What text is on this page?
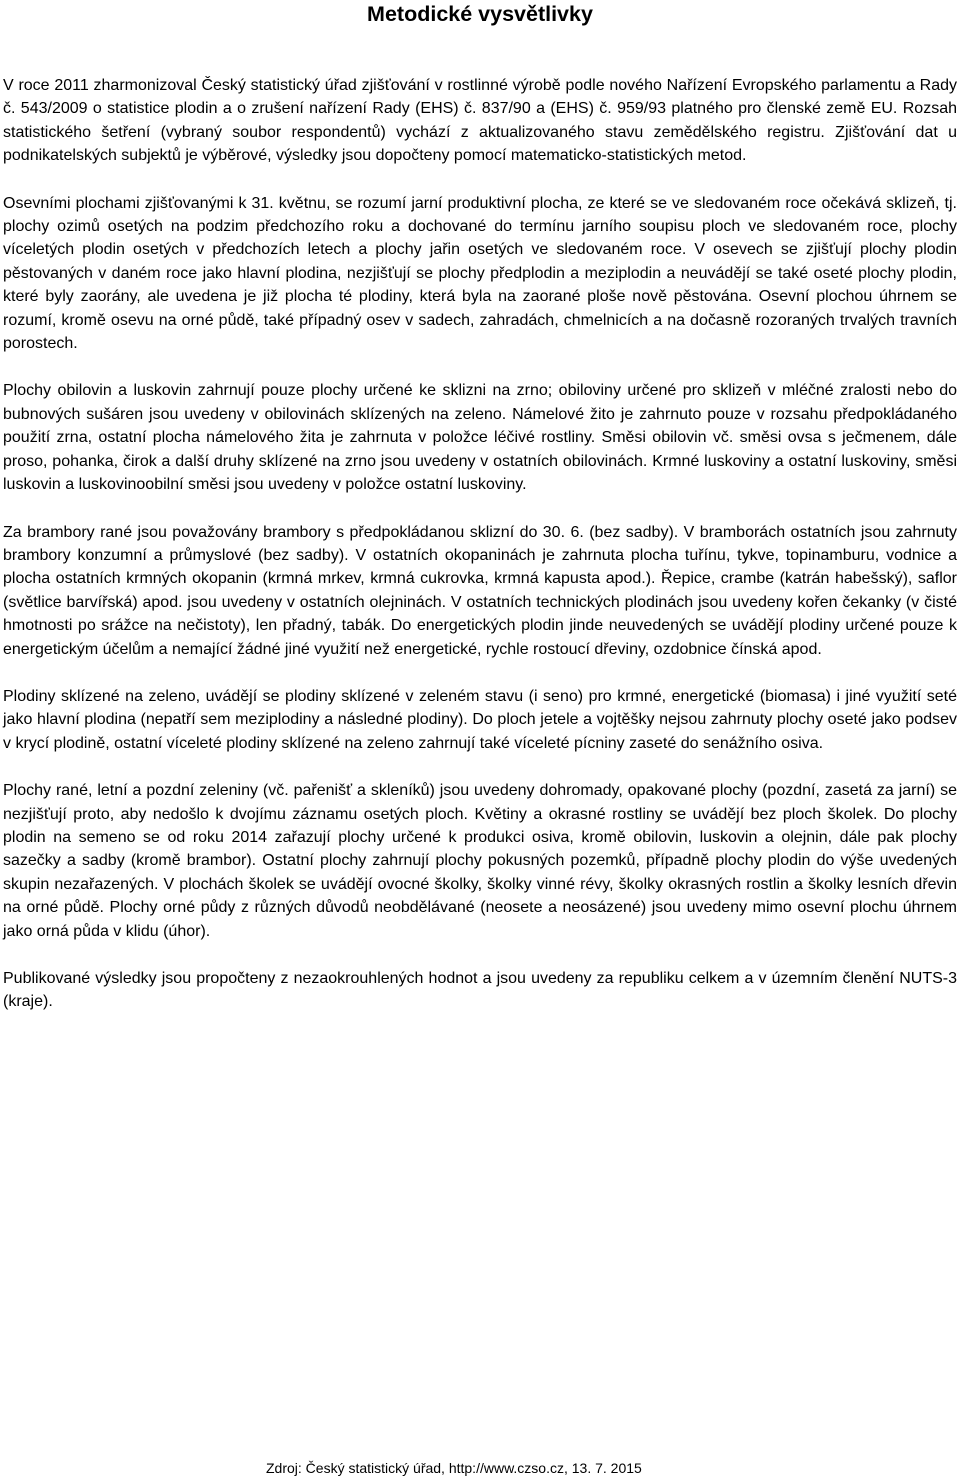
Metodické vysvětlivky

V roce 2011 zharmonizoval Český statistický úřad zjišťování v rostlinné výrobě podle nového Nařízení Evropského parlamentu a Rady č. 543/2009 o statistice plodin a o zrušení nařízení Rady (EHS) č. 837/90 a (EHS) č. 959/93 platného pro členské země EU. Rozsah statistického šetření (vybraný soubor respondentů) vychází z aktualizovaného stavu zemědělského registru. Zjišťování dat u podnikatelských subjektů je výběrové, výsledky jsou dopočteny pomocí matematicko-statistických metod.

Osevními plochami zjišťovanými k 31. květnu, se rozumí jarní produktivní plocha, ze které se ve sledovaném roce očekává sklizeň, tj. plochy ozimů osetých na podzim předchozího roku a dochované do termínu jarního soupisu ploch ve sledovaném roce, plochy víceletých plodin osetých v předchozích letech a plochy jařin osetých ve sledovaném roce. V osevech se zjišťují plochy plodin pěstovaných v daném roce jako hlavní plodina, nezjišťují se plochy předplodin a meziplodin a neuvádějí se také oseté plochy plodin, které byly zaorány, ale uvedena je již plocha té plodiny, která byla na zaorané ploše nově pěstována. Osevní plochou úhrnem se rozumí, kromě osevu na orné půdě, také případný osev v sadech, zahradách, chmelnicích a na dočasně rozoraných trvalých travních porostech.

Plochy obilovin a luskovin zahrnují pouze plochy určené ke sklizni na zrno; obiloviny určené pro sklizeň v mléčné zralosti nebo do bubnových sušáren jsou uvedeny v obilovinách sklízených na zeleno. Námelové žito je zahrnuto pouze v rozsahu předpokládaného použití zrna, ostatní plocha námelového žita je zahrnuta v položce léčivé rostliny. Směsi obilovin vč. směsi ovsa s ječmenem, dále proso, pohanka, čirok a další druhy sklízené na zrno jsou uvedeny v ostatních obilovinách. Krmné luskoviny a ostatní luskoviny, směsi luskovin a luskovinoobilní směsi jsou uvedeny v položce ostatní luskoviny.

Za brambory rané jsou považovány brambory s předpokládanou sklizní do 30. 6. (bez sadby). V bramborách ostatních jsou zahrnuty brambory konzumní a průmyslové (bez sadby). V ostatních okopaninách je zahrnuta plocha tuřínu, tykve, topinamburu, vodnice a plocha ostatních krmných okopanin (krmná mrkev, krmná cukrovka, krmná kapusta apod.). Řepice, crambe (katrán habešský), saflor (světlice barvířská) apod. jsou uvedeny v ostatních olejninách. V ostatních technických plodinách jsou uvedeny kořen čekanky (v čisté hmotnosti po srážce na nečistoty), len přadný, tabák. Do energetických plodin jinde neuvedených se uvádějí plodiny určené pouze k energetickým účelům a nemající žádné jiné využití než energetické, rychle rostoucí dřeviny, ozdobnice čínská apod.

Plodiny sklízené na zeleno, uvádějí se plodiny sklízené v zeleném stavu (i seno) pro krmné, energetické (biomasa) i jiné využití seté jako hlavní plodina (nepatří sem meziplodiny a následné plodiny). Do ploch jetele a vojtěšky nejsou zahrnuty plochy oseté jako podsev v krycí plodině, ostatní víceleté plodiny sklízené na zeleno zahrnují také víceleté pícniny zaseté do senážního osiva.

Plochy rané, letní a pozdní zeleniny (vč. pařenišť a skleníků) jsou uvedeny dohromady, opakované plochy (pozdní, zasetá za jarní) se nezjišťují proto, aby nedošlo k dvojímu záznamu osetých ploch. Květiny a okrasné rostliny se uvádějí bez ploch školek. Do plochy plodin na semeno se od roku 2014 zařazují plochy určené k produkci osiva, kromě obilovin, luskovin a olejnin, dále pak plochy sazečky a sadby (kromě brambor). Ostatní plochy zahrnují plochy pokusných pozemků, případně plochy plodin do výše uvedených skupin nezařazených. V plochách školek se uvádějí ovocné školky, školky vinné révy, školky okrasných rostlin a školky lesních dřevin na orné půdě. Plochy orné půdy z různých důvodů neobdělávané (neosete a neosázené) jsou uvedeny mimo osevní plochu úhrnem jako orná půda v klidu (úhor).

Publikované výsledky jsou propočteny z nezaokrouhlených hodnot a jsou uvedeny za republiku celkem a v územním členění NUTS-3 (kraje).

Zdroj: Český statistický úřad, http://www.czso.cz, 13. 7. 2015
